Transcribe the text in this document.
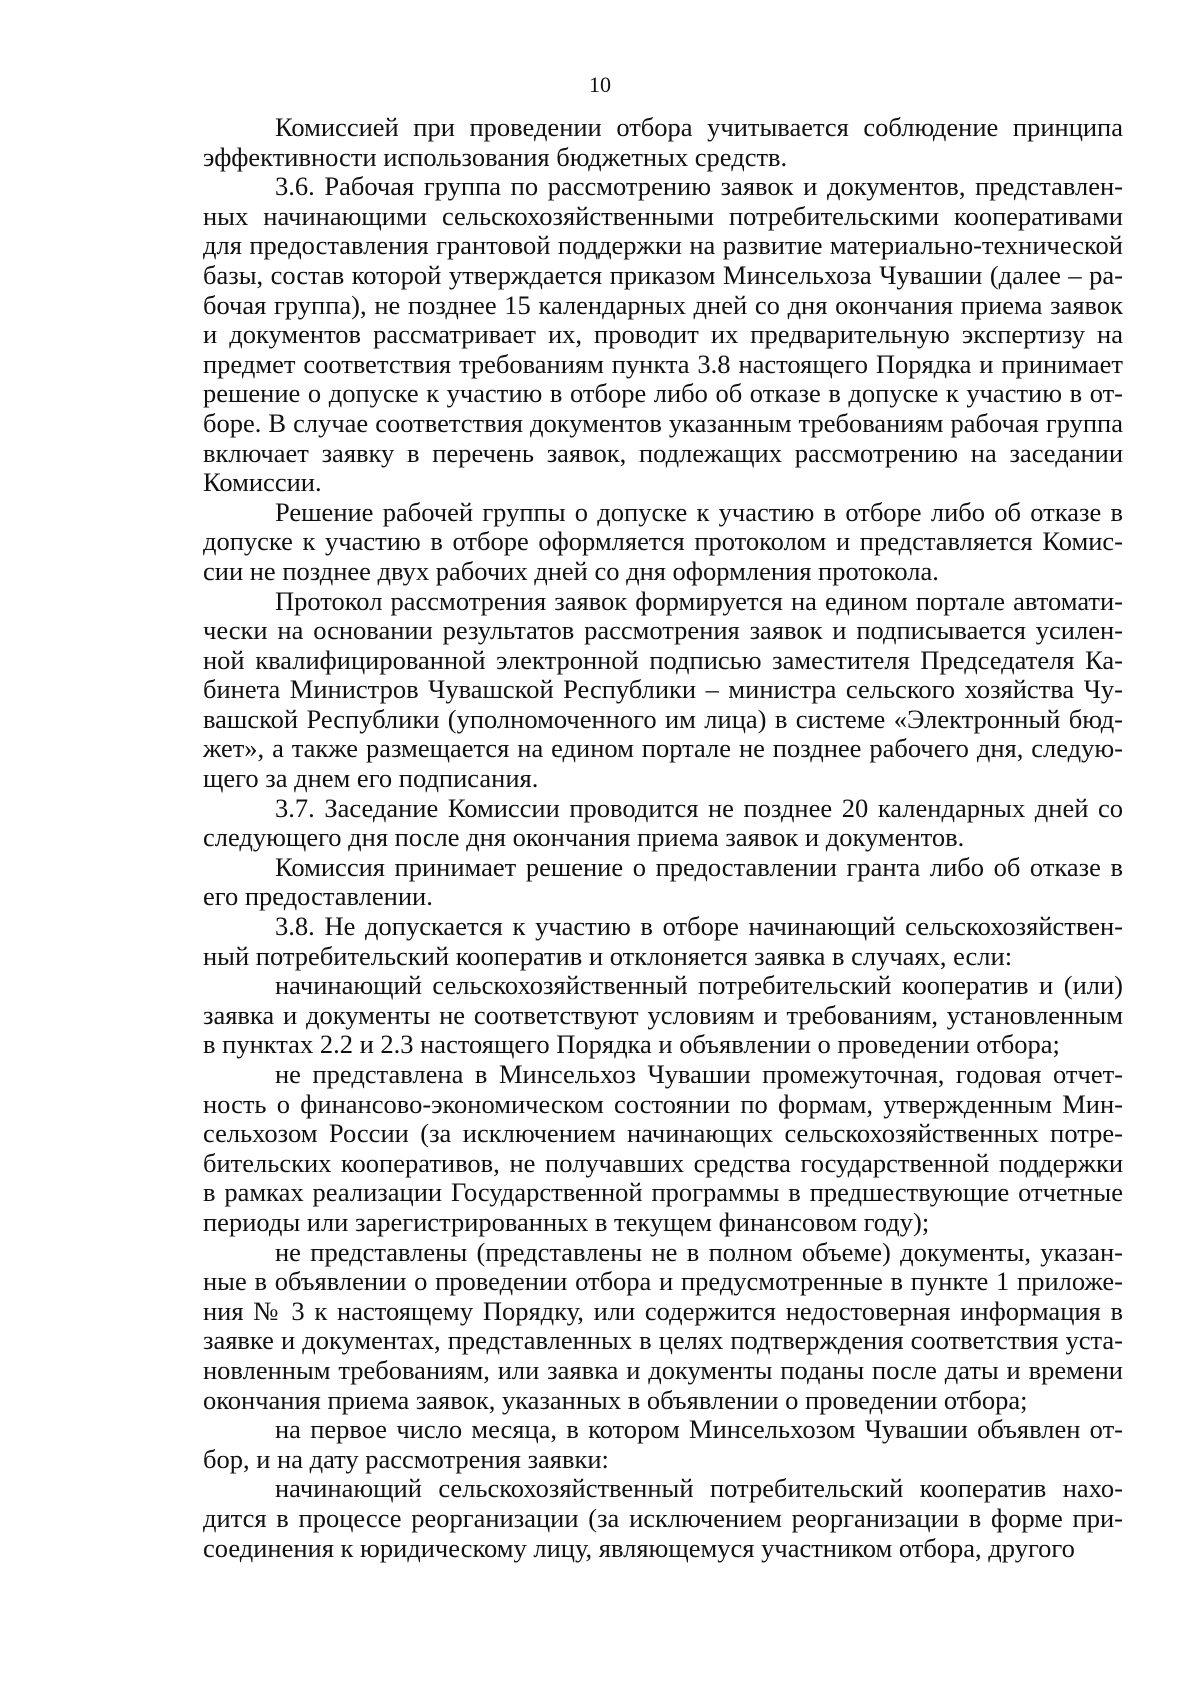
10

Комиссией при проведении отбора учитывается соблюдение принципа эффективности использования бюджетных средств.

3.6. Рабочая группа по рассмотрению заявок и документов, представленных начинающими сельскохозяйственными потребительскими кооперативами для предоставления грантовой поддержки на развитие материально-технической базы, состав которой утверждается приказом Минсельхоза Чувашии (далее – рабочая группа), не позднее 15 календарных дней со дня окончания приема заявок и документов рассматривает их, проводит их предварительную экспертизу на предмет соответствия требованиям пункта 3.8 настоящего Порядка и принимает решение о допуске к участию в отборе либо об отказе в допуске к участию в отборе. В случае соответствия документов указанным требованиям рабочая группа включает заявку в перечень заявок, подлежащих рассмотрению на заседании Комиссии.

Решение рабочей группы о допуске к участию в отборе либо об отказе в допуске к участию в отборе оформляется протоколом и представляется Комиссии не позднее двух рабочих дней со дня оформления протокола.

Протокол рассмотрения заявок формируется на едином портале автоматически на основании результатов рассмотрения заявок и подписывается усиленной квалифицированной электронной подписью заместителя Председателя Кабинета Министров Чувашской Республики – министра сельского хозяйства Чувашской Республики (уполномоченного им лица) в системе «Электронный бюджет», а также размещается на едином портале не позднее рабочего дня, следующего за днем его подписания.

3.7. Заседание Комиссии проводится не позднее 20 календарных дней со следующего дня после дня окончания приема заявок и документов.

Комиссия принимает решение о предоставлении гранта либо об отказе в его предоставлении.

3.8. Не допускается к участию в отборе начинающий сельскохозяйственный потребительский кооператив и отклоняется заявка в случаях, если:

начинающий сельскохозяйственный потребительский кооператив и (или) заявка и документы не соответствуют условиям и требованиям, установленным в пунктах 2.2 и 2.3 настоящего Порядка и объявлении о проведении отбора;

не представлена в Минсельхоз Чувашии промежуточная, годовая отчетность о финансово-экономическом состоянии по формам, утвержденным Минсельхозом России (за исключением начинающих сельскохозяйственных потребительских кооперативов, не получавших средства государственной поддержки в рамках реализации Государственной программы в предшествующие отчетные периоды или зарегистрированных в текущем финансовом году);

не представлены (представлены не в полном объеме) документы, указанные в объявлении о проведении отбора и предусмотренные в пункте 1 приложения № 3 к настоящему Порядку, или содержится недостоверная информация в заявке и документах, представленных в целях подтверждения соответствия установленным требованиям, или заявка и документы поданы после даты и времени окончания приема заявок, указанных в объявлении о проведении отбора;

на первое число месяца, в котором Минсельхозом Чувашии объявлен отбор, и на дату рассмотрения заявки:

начинающий сельскохозяйственный потребительский кооператив находится в процессе реорганизации (за исключением реорганизации в форме присоединения к юридическому лицу, являющемуся участником отбора, другого
